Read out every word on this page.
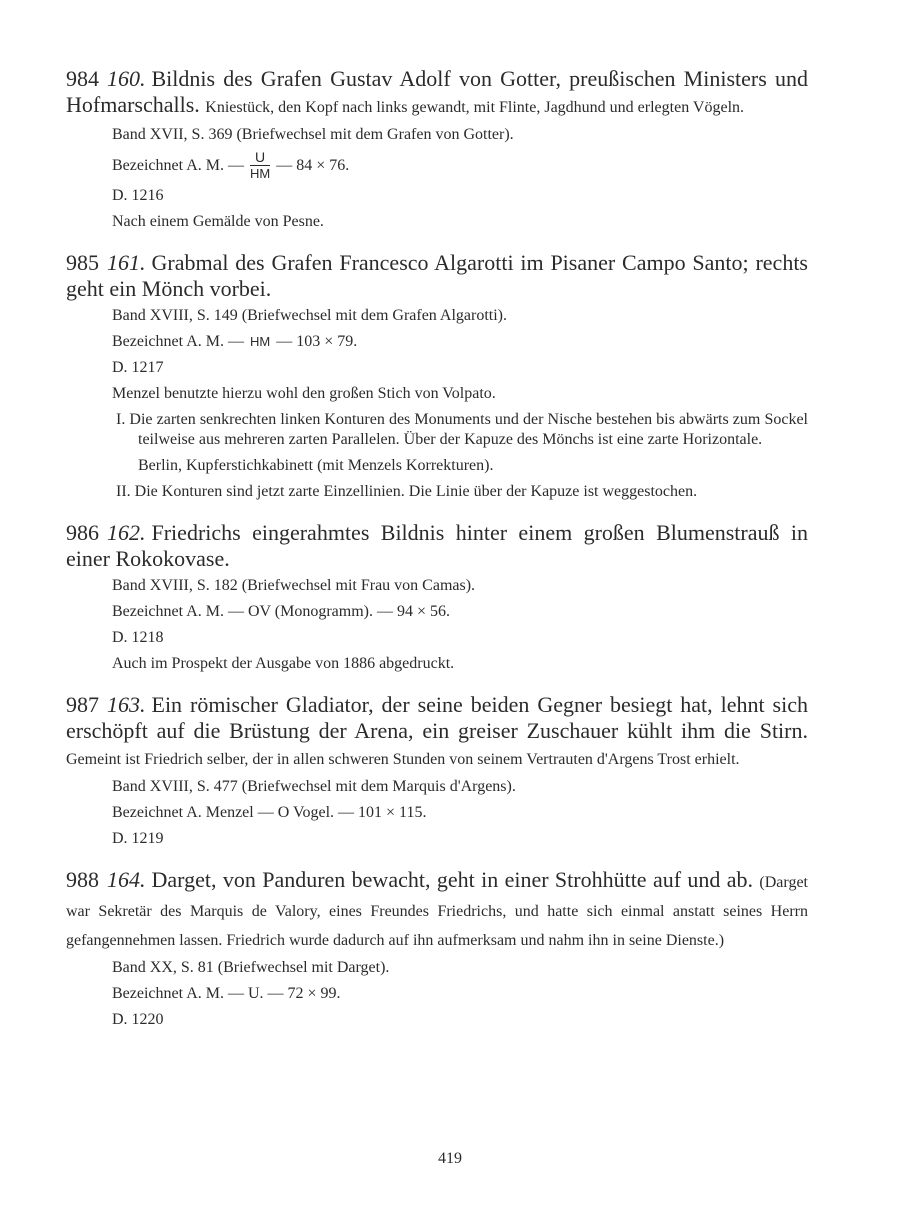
984 160. Bildnis des Grafen Gustav Adolf von Gotter, preußischen Ministers und Hofmarschalls. Kniestück, den Kopf nach links gewandt, mit Flinte, Jagdhund und erlegten Vögeln.

Band XVII, S. 369 (Briefwechsel mit dem Grafen von Gotter).

Bezeichnet A. M. — U
HM — 84 × 76.

D. 1216

Nach einem Gemälde von Pesne.

985 161. Grabmal des Grafen Francesco Algarotti im Pisaner Campo Santo; rechts geht ein Mönch vorbei.

Band XVIII, S. 149 (Briefwechsel mit dem Grafen Algarotti).

Bezeichnet A. M. — HM — 103 × 79.

D. 1217

Menzel benutzte hierzu wohl den großen Stich von Volpato.

I. Die zarten senkrechten linken Konturen des Monuments und der Nische bestehen bis abwärts zum Sockel teilweise aus mehreren zarten Parallelen. Über der Kapuze des Mönchs ist eine zarte Horizontale.

Berlin, Kupferstichkabinett (mit Menzels Korrekturen).

II. Die Konturen sind jetzt zarte Einzellinien. Die Linie über der Kapuze ist weggestochen.

986 162. Friedrichs eingerahmtes Bildnis hinter einem großen Blumenstrauß in einer Rokokovase.

Band XVIII, S. 182 (Briefwechsel mit Frau von Camas).

Bezeichnet A. M. — OV (Monogramm). — 94 × 56.

D. 1218

Auch im Prospekt der Ausgabe von 1886 abgedruckt.

987 163. Ein römischer Gladiator, der seine beiden Gegner besiegt hat, lehnt sich erschöpft auf die Brüstung der Arena, ein greiser Zuschauer kühlt ihm die Stirn. Gemeint ist Friedrich selber, der in allen schweren Stunden von seinem Vertrauten d'Argens Trost erhielt.

Band XVIII, S. 477 (Briefwechsel mit dem Marquis d'Argens).

Bezeichnet A. Menzel — O Vogel. — 101 × 115.

D. 1219

988 164. Darget, von Panduren bewacht, geht in einer Strohhütte auf und ab. (Darget war Sekretär des Marquis de Valory, eines Freundes Friedrichs, und hatte sich einmal anstatt seines Herrn gefangennehmen lassen. Friedrich wurde dadurch auf ihn aufmerksam und nahm ihn in seine Dienste.)

Band XX, S. 81 (Briefwechsel mit Darget).

Bezeichnet A. M. — U. — 72 × 99.

D. 1220

419
